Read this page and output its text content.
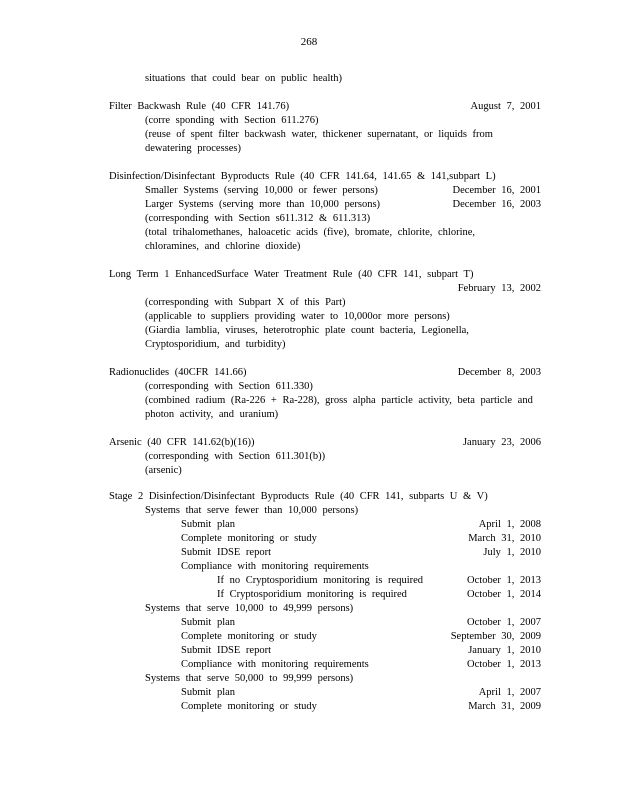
268
situations that could bear on public health)
Filter Backwash Rule (40 CFR 141.76)	August 7, 2001
(corre sponding with Section 611.276)
(reuse of spent filter backwash water, thickener supernatant, or liquids from
dewatering processes)
Disinfection/Disinfectant Byproducts Rule (40 CFR 141.64, 141.65 & 141,subpart L)
Smaller Systems (serving 10,000 or fewer persons)	December 16, 2001
Larger Systems (serving more than 10,000 persons)	December 16, 2003
(corresponding with Section s611.312 & 611.313)
(total trihalomethanes, haloacetic acids (five), bromate, chlorite, chlorine,
chloramines, and chlorine dioxide)
Long Term 1 EnhancedSurface Water Treatment Rule (40 CFR 141, subpart T)
February 13, 2002
(corresponding with Subpart X of this Part)
(applicable to suppliers providing water to 10,000or more persons)
(Giardia lamblia, viruses, heterotrophic plate count bacteria, Legionella,
Cryptosporidium, and turbidity)
Radionuclides (40CFR 141.66)	December 8, 2003
(corresponding with Section 611.330)
(combined radium (Ra-226 + Ra-228), gross alpha particle activity, beta particle and
photon activity, and uranium)
Arsenic (40 CFR 141.62(b)(16))	January 23, 2006
(corresponding with Section 611.301(b))
(arsenic)
Stage 2 Disinfection/Disinfectant Byproducts Rule (40 CFR 141, subparts U & V)
Systems that serve fewer than 10,000 persons)
Submit plan	April 1, 2008
Complete monitoring or study	March 31, 2010
Submit IDSE report	July 1, 2010
Compliance with monitoring requirements
If no Cryptosporidium monitoring is required	October 1, 2013
If Cryptosporidium monitoring is required	October 1, 2014
Systems that serve 10,000 to 49,999 persons)
Submit plan	October 1, 2007
Complete monitoring or study	September 30, 2009
Submit IDSE report	January 1, 2010
Compliance with monitoring requirements	October 1, 2013
Systems that serve 50,000 to 99,999 persons)
Submit plan	April 1, 2007
Complete monitoring or study	March 31, 2009
